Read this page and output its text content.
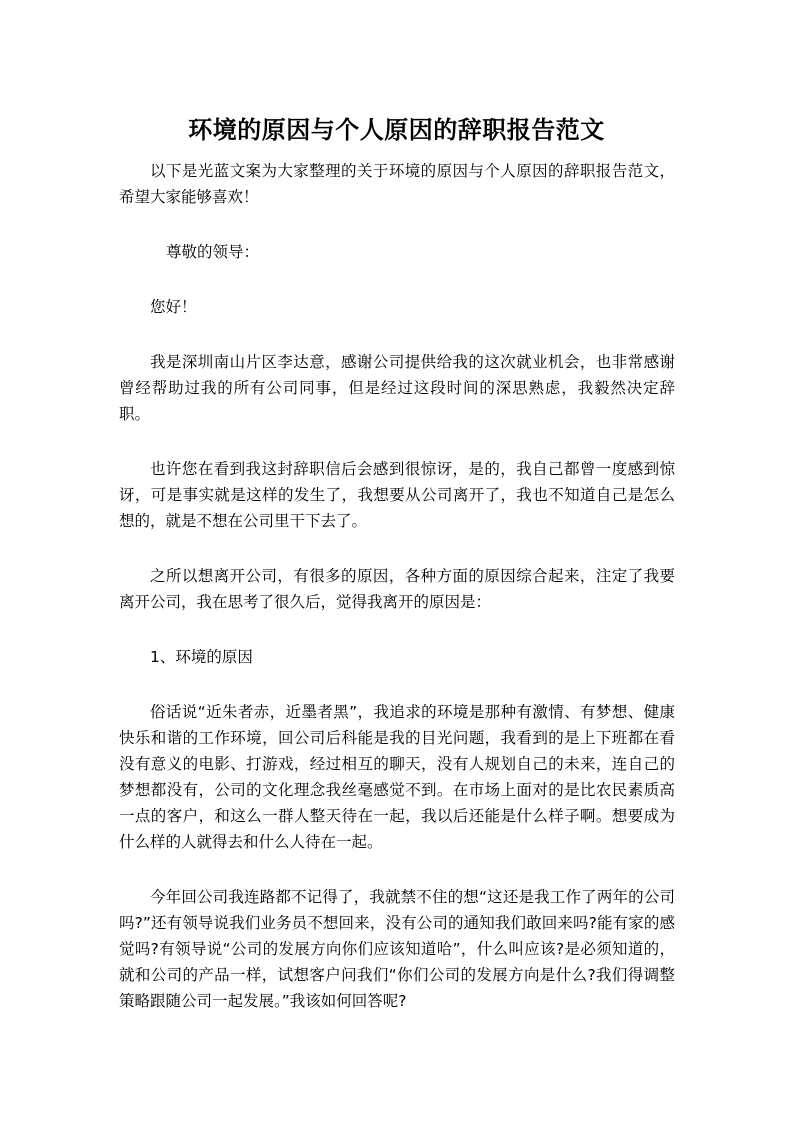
环境的原因与个人原因的辞职报告范文

以下是光蓝文案为大家整理的关于环境的原因与个人原因的辞职报告范文，希望大家能够喜欢！

尊敬的领导：

您好！

我是深圳南山片区李达意，感谢公司提供给我的这次就业机会，也非常感谢曾经帮助过我的所有公司同事，但是经过这段时间的深思熟虑，我毅然决定辞职。

也许您在看到我这封辞职信后会感到很惊讶，是的，我自己都曾一度感到惊讶，可是事实就是这样的发生了，我想要从公司离开了，我也不知道自己是怎么想的，就是不想在公司里干下去了。

之所以想离开公司，有很多的原因，各种方面的原因综合起来，注定了我要离开公司，我在思考了很久后，觉得我离开的原因是：

1、环境的原因

俗话说“近朱者赤，近墨者黑”，我追求的环境是那种有激情、有梦想、健康快乐和谐的工作环境，回公司后科能是我的目光问题，我看到的是上下班都在看没有意义的电影、打游戏，经过相互的聊天，没有人规划自己的未来，连自己的梦想都没有，公司的文化理念我丝毫感觉不到。在市场上面对的是比农民素质高一点的客户，和这么一群人整天待在一起，我以后还能是什么样子啊。想要成为什么样的人就得去和什么人待在一起。

今年回公司我连路都不记得了，我就禁不住的想“这还是我工作了两年的公司吗?”还有领导说我们业务员不想回来，没有公司的通知我们敢回来吗?能有家的感觉吗?有领导说“公司的发展方向你们应该知道哈”，什么叫应该?是必须知道的，就和公司的产品一样，试想客户问我们“你们公司的发展方向是什么?我们得调整策略跟随公司一起发展。”我该如何回答呢?
